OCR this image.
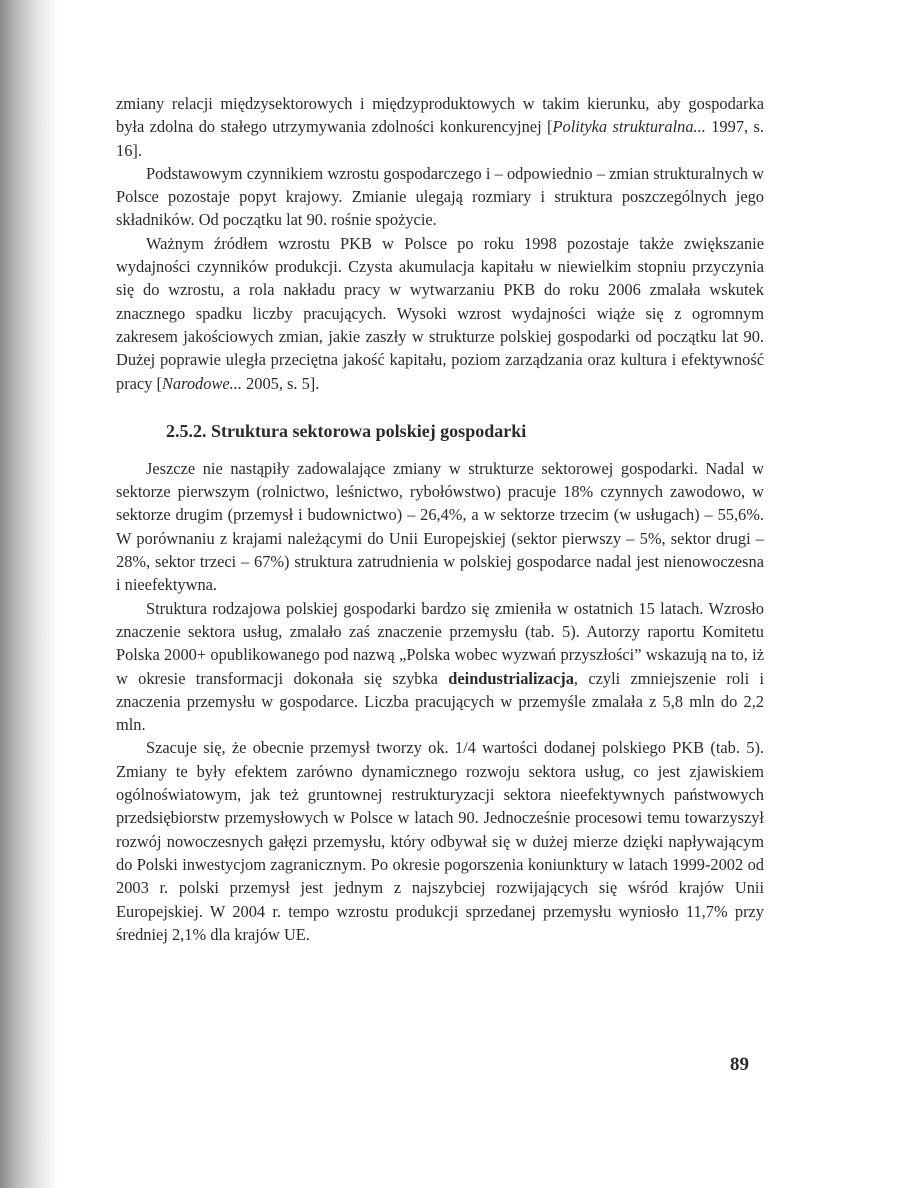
zmiany relacji międzysektorowych i międzyproduktowych w takim kierunku, aby gospodarka była zdolna do stałego utrzymywania zdolności konkurencyjnej [Polityka strukturalna... 1997, s. 16].

Podstawowym czynnikiem wzrostu gospodarczego i – odpowiednio – zmian strukturalnych w Polsce pozostaje popyt krajowy. Zmianie ulegają rozmiary i struktura poszczególnych jego składników. Od początku lat 90. rośnie spożycie.

Ważnym źródłem wzrostu PKB w Polsce po roku 1998 pozostaje także zwiększanie wydajności czynników produkcji. Czysta akumulacja kapitału w niewielkim stopniu przyczynia się do wzrostu, a rola nakładu pracy w wytwarzaniu PKB do roku 2006 zmalała wskutek znacznego spadku liczby pracujących. Wysoki wzrost wydajności wiąże się z ogromnym zakresem jakościowych zmian, jakie zaszły w strukturze polskiej gospodarki od początku lat 90. Dużej poprawie uległa przeciętna jakość kapitału, poziom zarządzania oraz kultura i efektywność pracy [Narodowe... 2005, s. 5].

2.5.2. Struktura sektorowa polskiej gospodarki

Jeszcze nie nastąpiły zadowalające zmiany w strukturze sektorowej gospodarki. Nadal w sektorze pierwszym (rolnictwo, leśnictwo, rybołówstwo) pracuje 18% czynnych zawodowo, w sektorze drugim (przemysł i budownictwo) – 26,4%, a w sektorze trzecim (w usługach) – 55,6%. W porównaniu z krajami należącymi do Unii Europejskiej (sektor pierwszy – 5%, sektor drugi – 28%, sektor trzeci – 67%) struktura zatrudnienia w polskiej gospodarce nadal jest nienowoczesna i nieefektywna.

Struktura rodzajowa polskiej gospodarki bardzo się zmieniła w ostatnich 15 latach. Wzrosło znaczenie sektora usług, zmalało zaś znaczenie przemysłu (tab. 5). Autorzy raportu Komitetu Polska 2000+ opublikowanego pod nazwą „Polska wobec wyzwań przyszłości” wskazują na to, iż w okresie transformacji dokonała się szybka deindustrializacja, czyli zmniejszenie roli i znaczenia przemysłu w gospodarce. Liczba pracujących w przemyśle zmalała z 5,8 mln do 2,2 mln.

Szacuje się, że obecnie przemysł tworzy ok. 1/4 wartości dodanej polskiego PKB (tab. 5). Zmiany te były efektem zarówno dynamicznego rozwoju sektora usług, co jest zjawiskiem ogólnoświatowym, jak też gruntownej restrukturyzacji sektora nieefektywnych państwowych przedsiębiorstw przemysłowych w Polsce w latach 90. Jednocześnie procesowi temu towarzyszył rozwój nowoczesnych gałęzi przemysłu, który odbywał się w dużej mierze dzięki napływającym do Polski inwestycjom zagranicznym. Po okresie pogorszenia koniunktury w latach 1999-2002 od 2003 r. polski przemysł jest jednym z najszybciej rozwijających się wśród krajów Unii Europejskiej. W 2004 r. tempo wzrostu produkcji sprzedanej przemysłu wyniosło 11,7% przy średniej 2,1% dla krajów UE.

89
